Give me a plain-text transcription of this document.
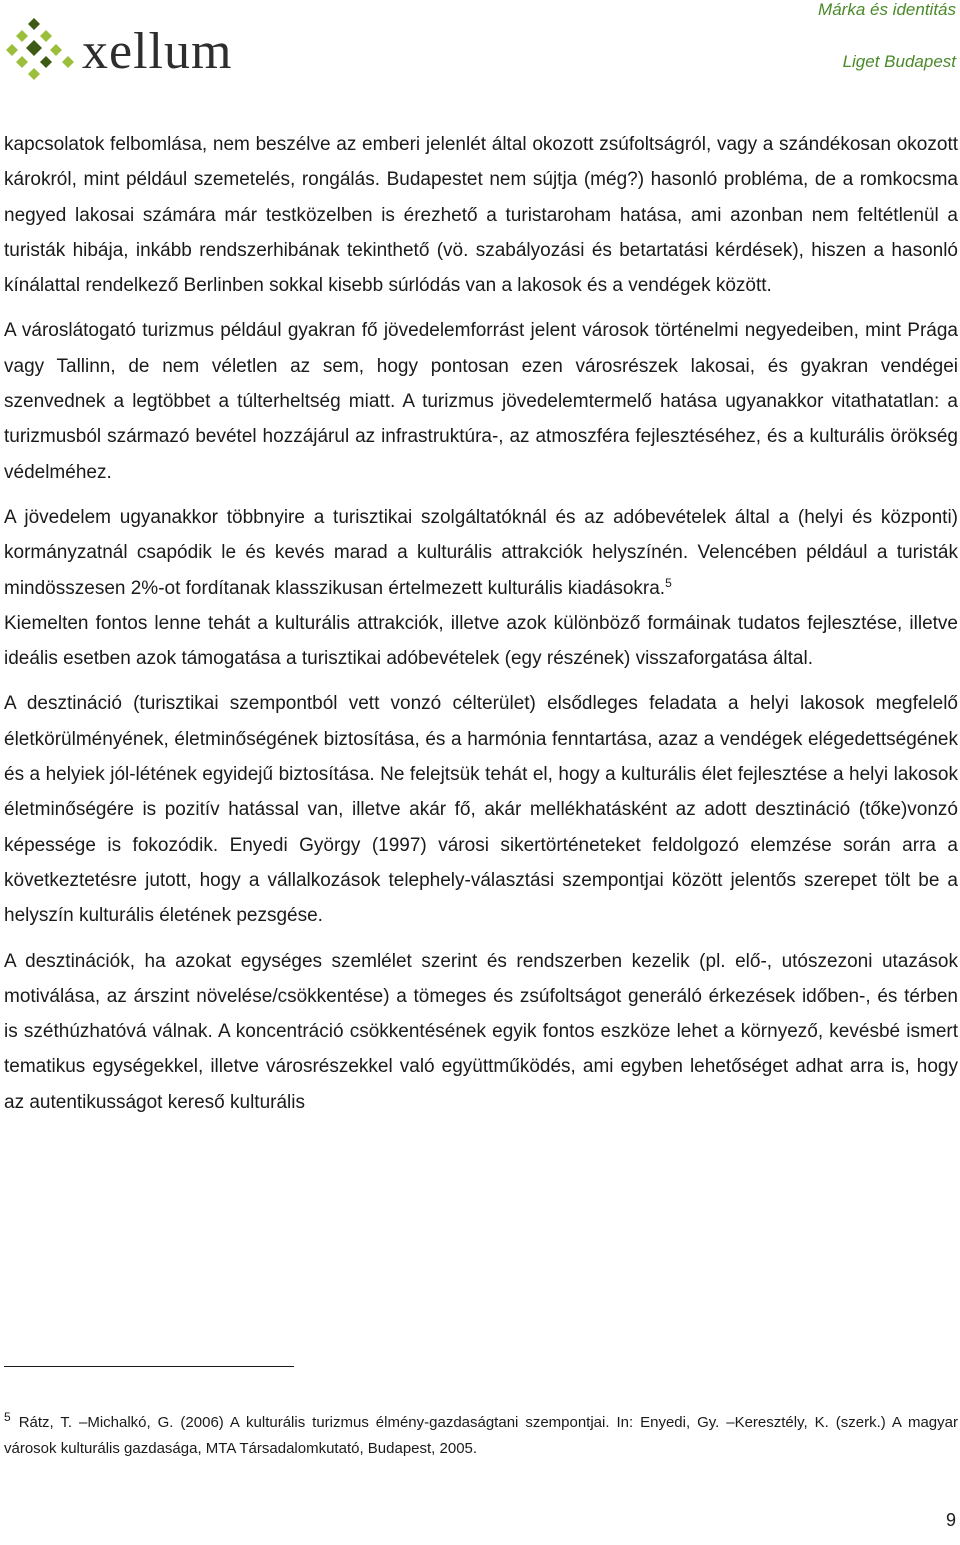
xellum
Márka és identitás
Liget Budapest

kapcsolatok felbomlása, nem beszélve az emberi jelenlét által okozott zsúfoltságról, vagy a szándékosan okozott károkról, mint például szemetelés, rongálás. Budapestet nem sújtja (még?) hasonló probléma, de a romkocsma negyed lakosai számára már testközelben is érezhető a turistaroham hatása, ami azonban nem feltétlenül a turisták hibája, inkább rendszerhibának tekinthető (vö. szabályozási és betartatási kérdések), hiszen a hasonló kínálattal rendelkező Berlinben sokkal kisebb súrlódás van a lakosok és a vendégek között.

A városlátogató turizmus például gyakran fő jövedelemforrást jelent városok történelmi negyedeiben, mint Prága vagy Tallinn, de nem véletlen az sem, hogy pontosan ezen városrészek lakosai, és gyakran vendégei szenvednek a legtöbbet a túlterheltség miatt. A turizmus jövedelemtermelő hatása ugyanakkor vitathatatlan: a turizmusból származó bevétel hozzájárul az infrastruktúra-, az atmoszféra fejlesztéséhez, és a kulturális örökség védelméhez.

A jövedelem ugyanakkor többnyire a turisztikai szolgáltatóknál és az adóbevételek által a (helyi és központi) kormányzatnál csapódik le és kevés marad a kulturális attrakciók helyszínén. Velencében például a turisták mindösszesen 2%-ot fordítanak klasszikusan értelmezett kulturális kiadásokra.$^5$

Kiemelten fontos lenne tehát a kulturális attrakciók, illetve azok különböző formáinak tudatos fejlesztése, illetve ideális esetben azok támogatása a turisztikai adóbevételek (egy részének) visszaforgatása által.

A desztináció (turisztikai szempontból vett vonzó célterület) elsődleges feladata a helyi lakosok megfelelő életkörülményének, életminőségének biztosítása, és a harmónia fenntartása, azaz a vendégek elégedettségének és a helyiek jól-létének egyidejű biztosítása. Ne felejtsük tehát el, hogy a kulturális élet fejlesztése a helyi lakosok életminőségére is pozitív hatással van, illetve akár fő, akár mellékhatásként az adott desztináció (tőke)vonzó képessége is fokozódik. Enyedi György (1997) városi sikertörténeteket feldolgozó elemzése során arra a következtetésre jutott, hogy a vállalkozások telephely-választási szempontjai között jelentős szerepet tölt be a helyszín kulturális életének pezsgése.

A desztinációk, ha azokat egységes szemlélet szerint és rendszerben kezelik (pl. elő-, utószezoni utazások motiválása, az árszint növelése/csökkentése) a tömeges és zsúfoltságot generáló érkezések időben-, és térben is széthúzhatóvá válnak. A koncentráció csökkentésének egyik fontos eszköze lehet a környező, kevésbé ismert tematikus egységekkel, illetve városrészekkel való együttműködés, ami egyben lehetőséget adhat arra is, hogy az autentikusságot kereső kulturális

$^5$ Rátz, T. –Michalkó, G. (2006) A kulturális turizmus élmény-gazdaságtani szempontjai. In: Enyedi, Gy. –Keresztély, K. (szerk.) A magyar városok kulturális gazdasága, MTA Társadalomkutató, Budapest, 2005.
9
